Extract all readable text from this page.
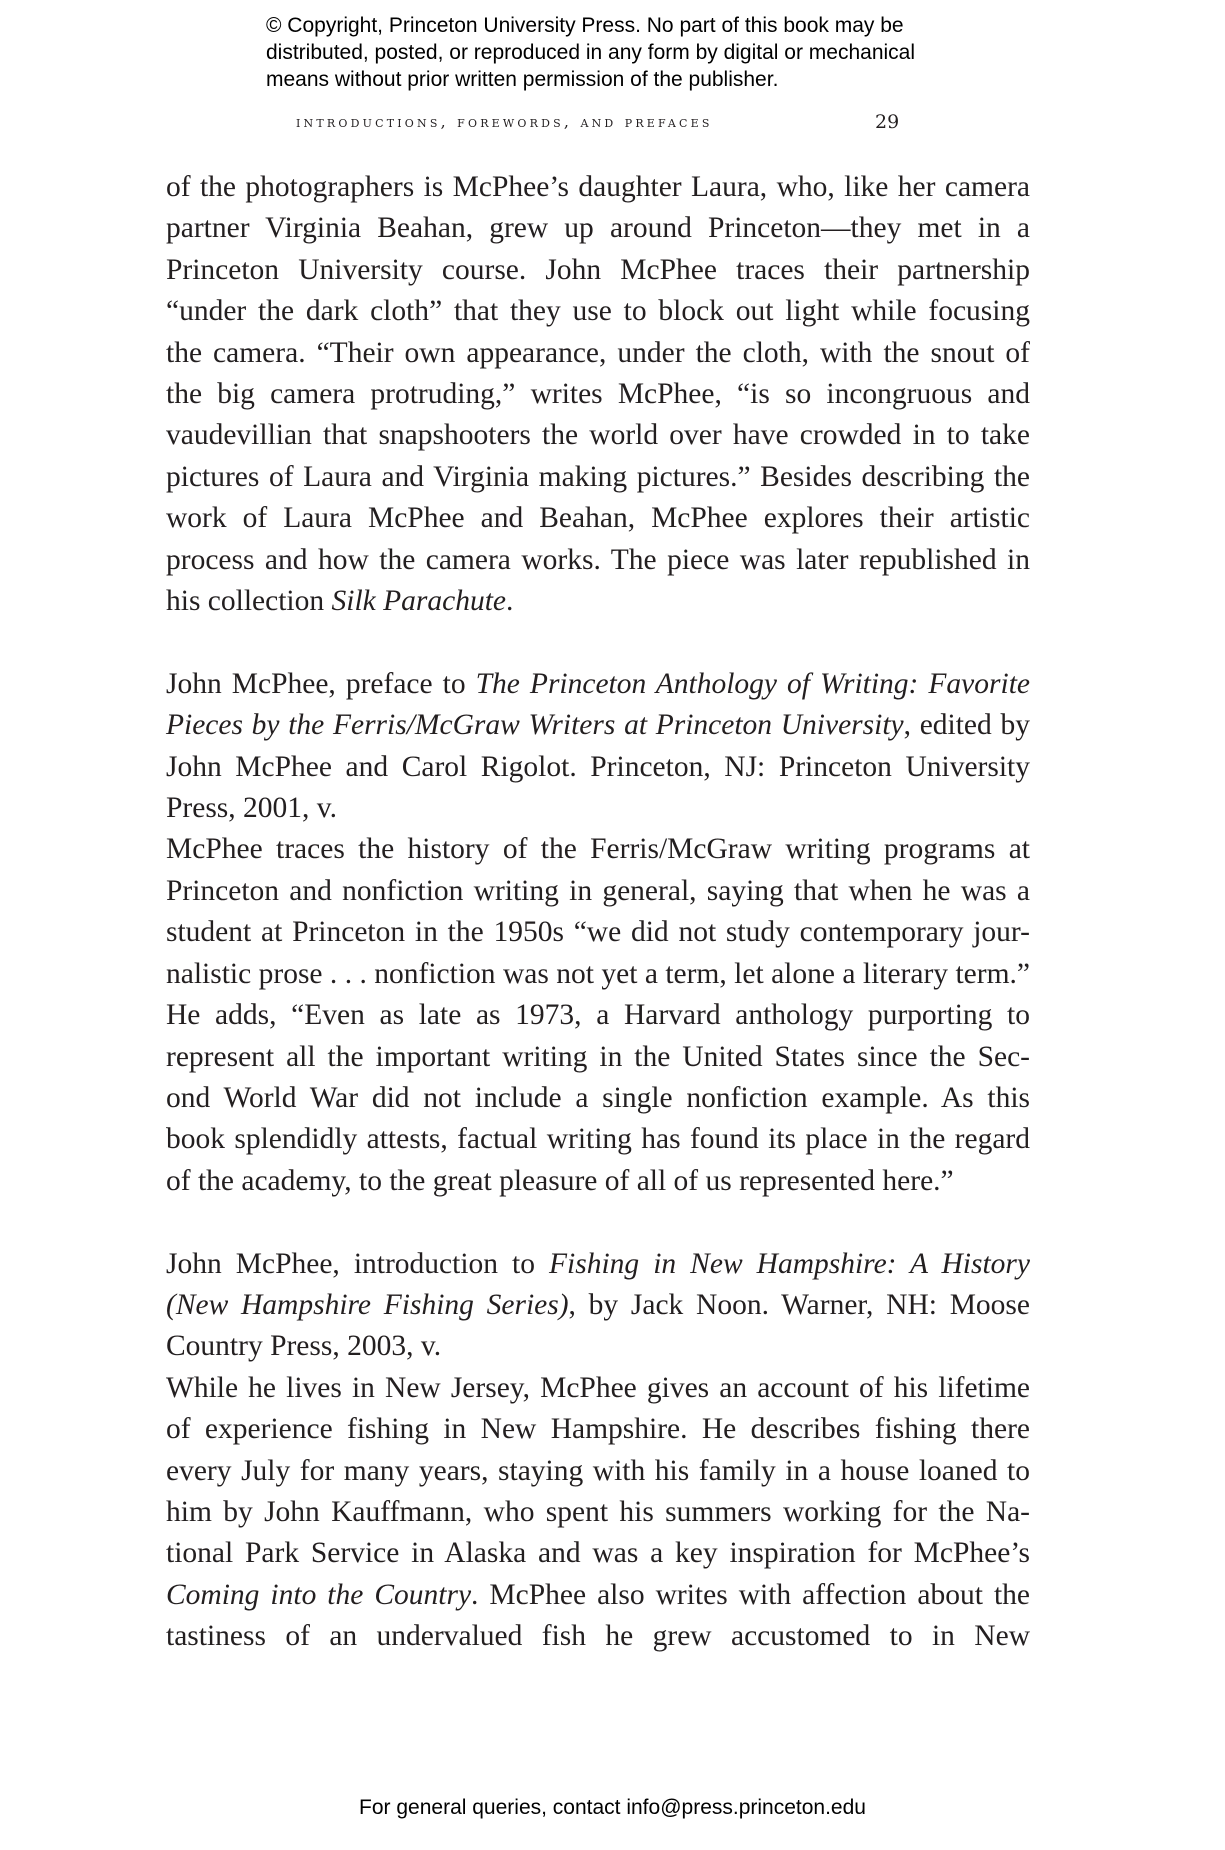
© Copyright, Princeton University Press. No part of this book may be
distributed, posted, or reproduced in any form by digital or mechanical
means without prior written permission of the publisher.
introductions, forewords, and prefaces	29
of the photographers is McPhee’s daughter Laura, who, like her camera
partner Virginia Beahan, grew up around Princeton—they met in a
Princeton University course. John McPhee traces their partnership
“under the dark cloth” that they use to block out light while focusing
the camera. “Their own appearance, under the cloth, with the snout of
the big camera protruding,” writes McPhee, “is so incongruous and
vaudevillian that snapshooters the world over have crowded in to take
pictures of Laura and Virginia making pictures.” Besides describing the
work of Laura McPhee and Beahan, McPhee explores their artistic
process and how the camera works. The piece was later republished in
his collection Silk Parachute.
John McPhee, preface to The Princeton Anthology of Writing: Favorite
Pieces by the Ferris/McGraw Writers at Princeton University, edited by
John McPhee and Carol Rigolot. Princeton, NJ: Princeton University
Press, 2001, v.
McPhee traces the history of the Ferris/McGraw writing programs at
Princeton and nonfiction writing in general, saying that when he was a
student at Princeton in the 1950s “we did not study contemporary jour-
nalistic prose . . . nonfiction was not yet a term, let alone a literary term.”
He adds, “Even as late as 1973, a Harvard anthology purporting to
represent all the important writing in the United States since the Sec-
ond World War did not include a single nonfiction example. As this
book splendidly attests, factual writing has found its place in the regard
of the academy, to the great pleasure of all of us represented here.”
John McPhee, introduction to Fishing in New Hampshire: A History
(New Hampshire Fishing Series), by Jack Noon. Warner, NH: Moose
Country Press, 2003, v.
While he lives in New Jersey, McPhee gives an account of his lifetime
of experience fishing in New Hampshire. He describes fishing there
every July for many years, staying with his family in a house loaned to
him by John Kauffmann, who spent his summers working for the Na-
tional Park Service in Alaska and was a key inspiration for McPhee’s
Coming into the Country. McPhee also writes with affection about the
tastiness of an undervalued fish he grew accustomed to in New
For general queries, contact info@press.princeton.edu
